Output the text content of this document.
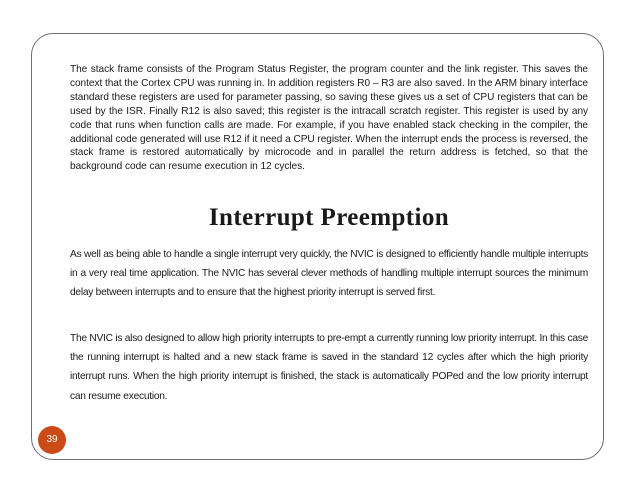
The stack frame consists of the Program Status Register, the program counter and the link register. This saves the context that the Cortex CPU was running in. In addition registers R0 – R3 are also saved. In the ARM binary interface standard these registers are used for parameter passing, so saving these gives us a set of CPU registers that can be used by the ISR. Finally R12 is also saved; this register is the intracall scratch register. This register is used by any code that runs when function calls are made. For example, if you have enabled stack checking in the compiler, the additional code generated will use R12 if it need a CPU register. When the interrupt ends the process is reversed, the stack frame is restored automatically by microcode and in parallel the return address is fetched, so that the background code can resume execution in 12 cycles.

Interrupt Preemption

As well as being able to handle a single interrupt very quickly, the NVIC is designed to efficiently handle multiple interrupts in a very real time application. The NVIC has several clever methods of handling multiple interrupt sources the minimum delay between interrupts and to ensure that the highest priority interrupt is served first.

The NVIC is also designed to allow high priority interrupts to pre-empt a currently running low priority interrupt. In this case the running interrupt is halted and a new stack frame is saved in the standard 12 cycles after which the high priority interrupt runs. When the high priority interrupt is finished, the stack is automatically POPed and the low priority interrupt can resume execution.

39
